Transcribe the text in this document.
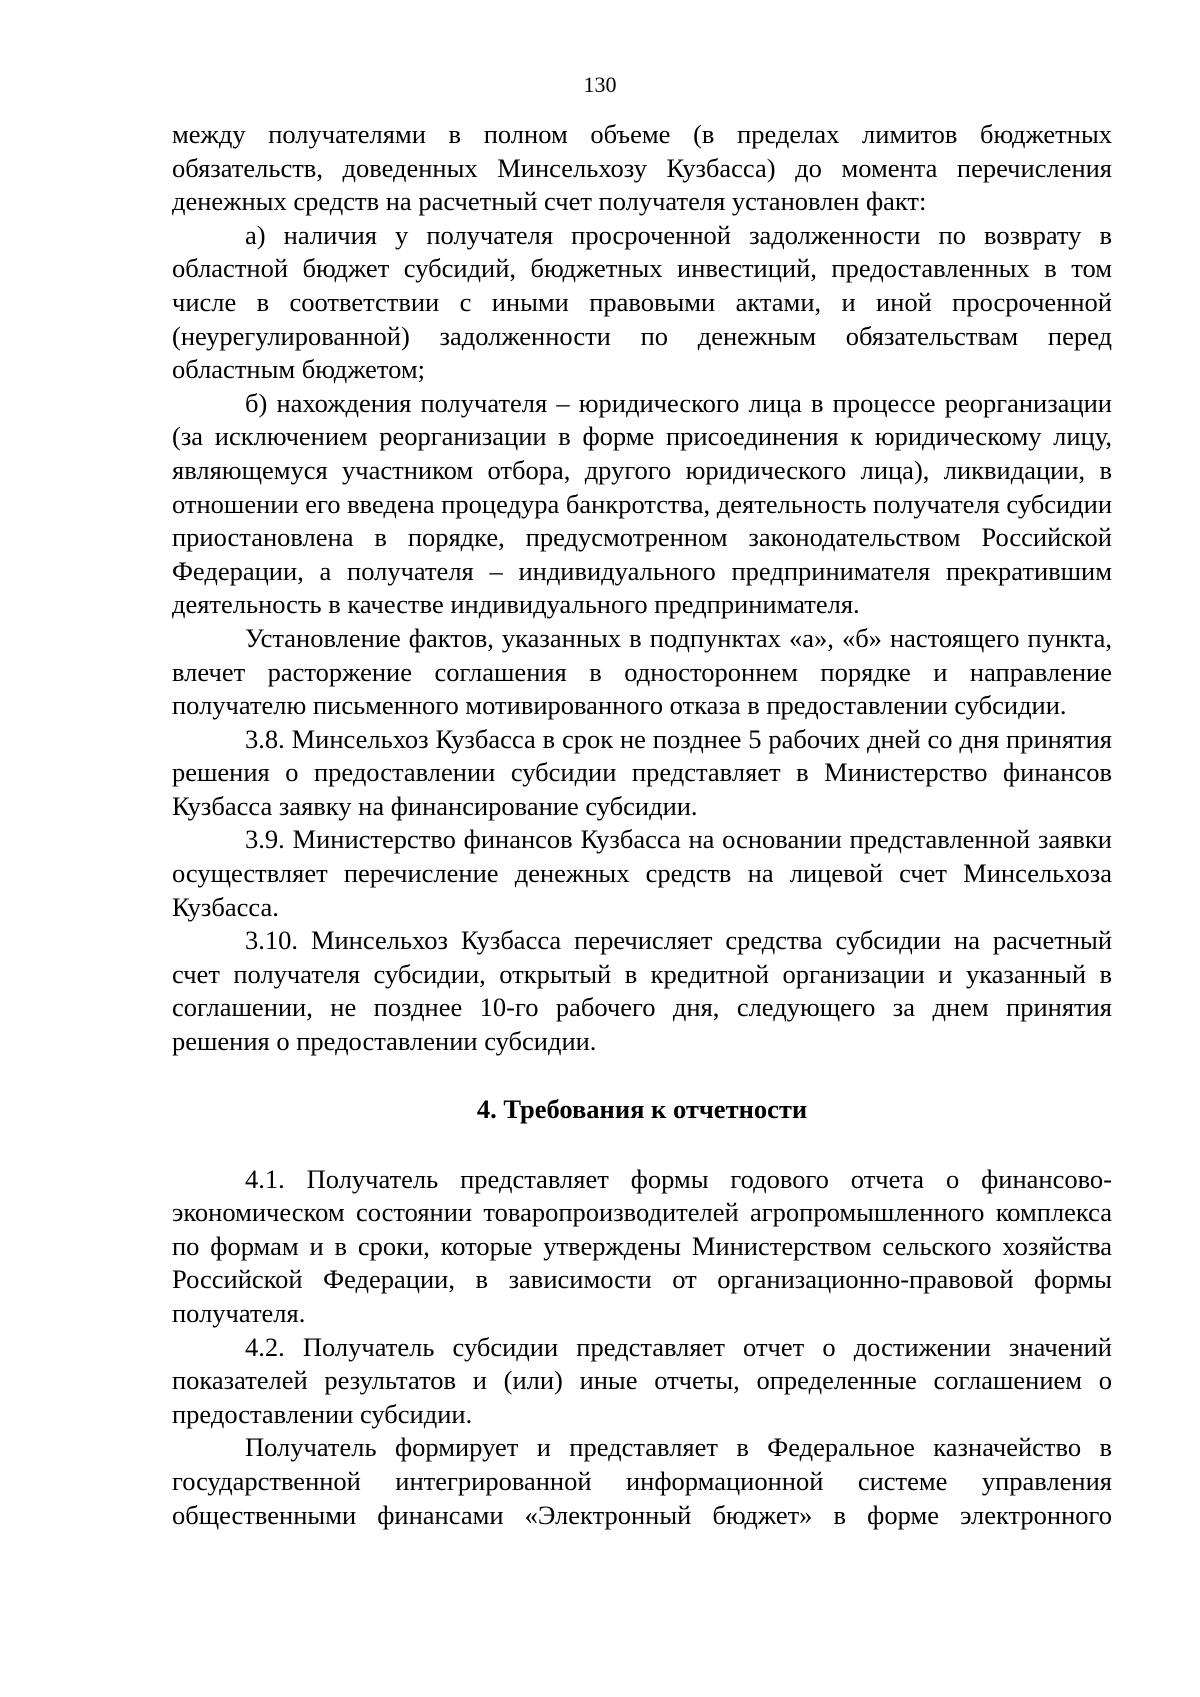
130

между получателями в полном объеме (в пределах лимитов бюджетных обязательств, доведенных Минсельхозу Кузбасса) до момента перечисления денежных средств на расчетный счет получателя установлен факт:

а) наличия у получателя просроченной задолженности по возврату в областной бюджет субсидий, бюджетных инвестиций, предоставленных в том числе в соответствии с иными правовыми актами, и иной просроченной (неурегулированной) задолженности по денежным обязательствам перед областным бюджетом;

б) нахождения получателя – юридического лица в процессе реорганизации (за исключением реорганизации в форме присоединения к юридическому лицу, являющемуся участником отбора, другого юридического лица), ликвидации, в отношении его введена процедура банкротства, деятельность получателя субсидии приостановлена в порядке, предусмотренном законодательством Российской Федерации, а получателя – индивидуального предпринимателя прекратившим деятельность в качестве индивидуального предпринимателя.

Установление фактов, указанных в подпунктах «а», «б» настоящего пункта, влечет расторжение соглашения в одностороннем порядке и направление получателю письменного мотивированного отказа в предоставлении субсидии.

3.8. Минсельхоз Кузбасса в срок не позднее 5 рабочих дней со дня принятия решения о предоставлении субсидии представляет в Министерство финансов Кузбасса заявку на финансирование субсидии.

3.9. Министерство финансов Кузбасса на основании представленной заявки осуществляет перечисление денежных средств на лицевой счет Минсельхоза Кузбасса.

3.10. Минсельхоз Кузбасса перечисляет средства субсидии на расчетный счет получателя субсидии, открытый в кредитной организации и указанный в соглашении, не позднее 10-го рабочего дня, следующего за днем принятия решения о предоставлении субсидии.

4. Требования к отчетности

4.1. Получатель представляет формы годового отчета о финансово-экономическом состоянии товаропроизводителей агропромышленного комплекса по формам и в сроки, которые утверждены Министерством сельского хозяйства Российской Федерации, в зависимости от организационно-правовой формы получателя.

4.2. Получатель субсидии представляет отчет о достижении значений показателей результатов и (или) иные отчеты, определенные соглашением о предоставлении субсидии.

Получатель формирует и представляет в Федеральное казначейство в государственной интегрированной информационной системе управления общественными финансами «Электронный бюджет» в форме электронного
